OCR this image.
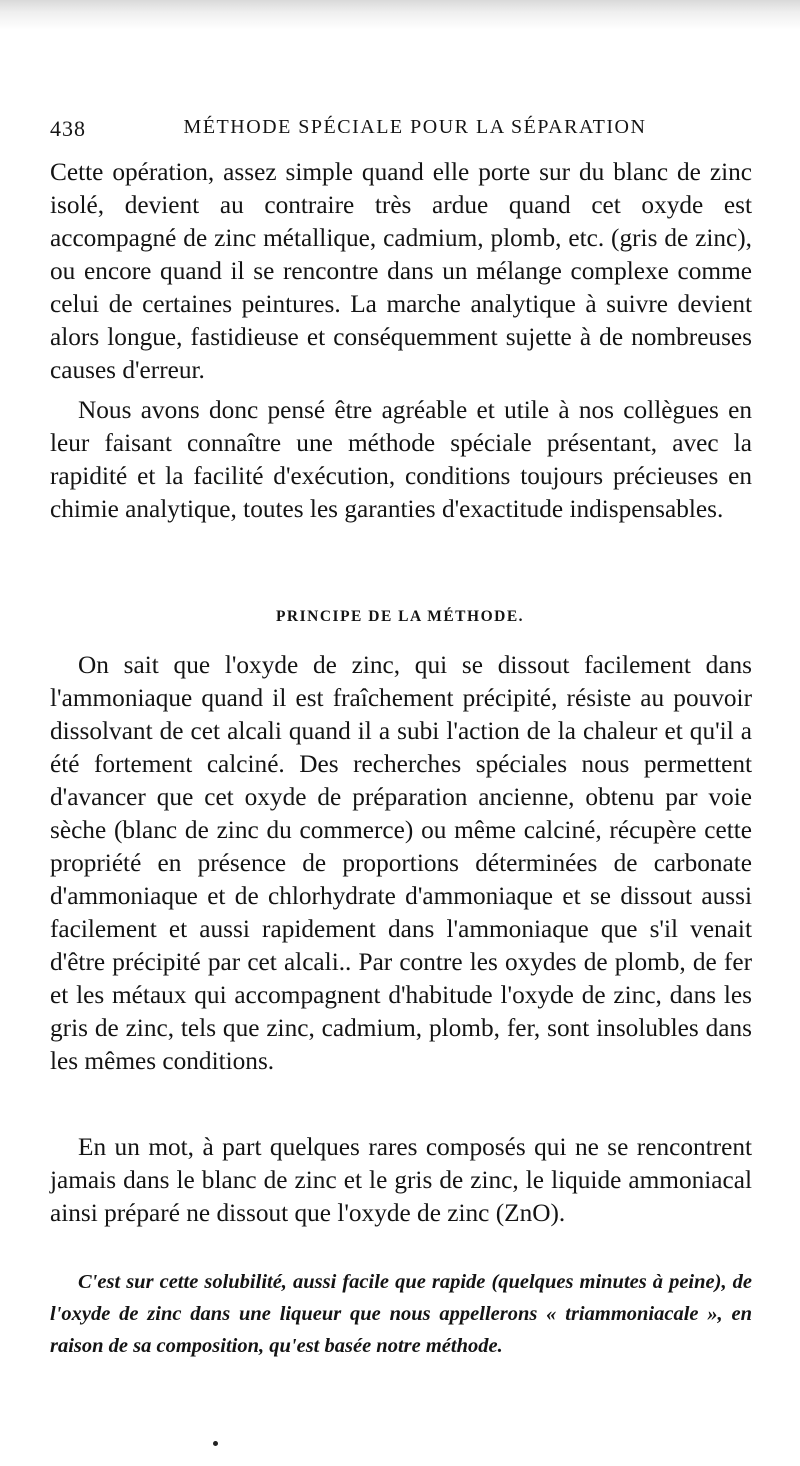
438	MÉTHODE SPÉCIALE POUR LA SÉPARATION

Cette opération, assez simple quand elle porte sur du blanc de zinc isolé, devient au contraire très ardue quand cet oxyde est accompagné de zinc métallique, cadmium, plomb, etc. (gris de zinc), ou encore quand il se rencontre dans un mélange complexe comme celui de certaines peintures. La marche analytique à suivre devient alors longue, fastidieuse et conséquemment sujette à de nombreuses causes d'erreur.

Nous avons donc pensé être agréable et utile à nos collègues en leur faisant connaître une méthode spéciale présentant, avec la rapidité et la facilité d'exécution, conditions toujours précieuses en chimie analytique, toutes les garanties d'exactitude indispensables.

PRINCIPE DE LA MÉTHODE.

On sait que l'oxyde de zinc, qui se dissout facilement dans l'ammoniaque quand il est fraîchement précipité, résiste au pouvoir dissolvant de cet alcali quand il a subi l'action de la chaleur et qu'il a été fortement calciné. Des recherches spéciales nous permettent d'avancer que cet oxyde de préparation ancienne, obtenu par voie sèche (blanc de zinc du commerce) ou même calciné, récupère cette propriété en présence de proportions déterminées de carbonate d'ammoniaque et de chlorhydrate d'ammoniaque et se dissout aussi facilement et aussi rapidement dans l'ammoniaque que s'il venait d'être précipité par cet alcali.. Par contre les oxydes de plomb, de fer et les métaux qui accompagnent d'habitude l'oxyde de zinc, dans les gris de zinc, tels que zinc, cadmium, plomb, fer, sont insolubles dans les mêmes conditions.

En un mot, à part quelques rares composés qui ne se rencontrent jamais dans le blanc de zinc et le gris de zinc, le liquide ammoniacal ainsi préparé ne dissout que l'oxyde de zinc (ZnO).

C'est sur cette solubilité, aussi facile que rapide (quelques minutes à peine), de l'oxyde de zinc dans une liqueur que nous appellerons « triammoniacale », en raison de sa composition, qu'est basée notre méthode.
